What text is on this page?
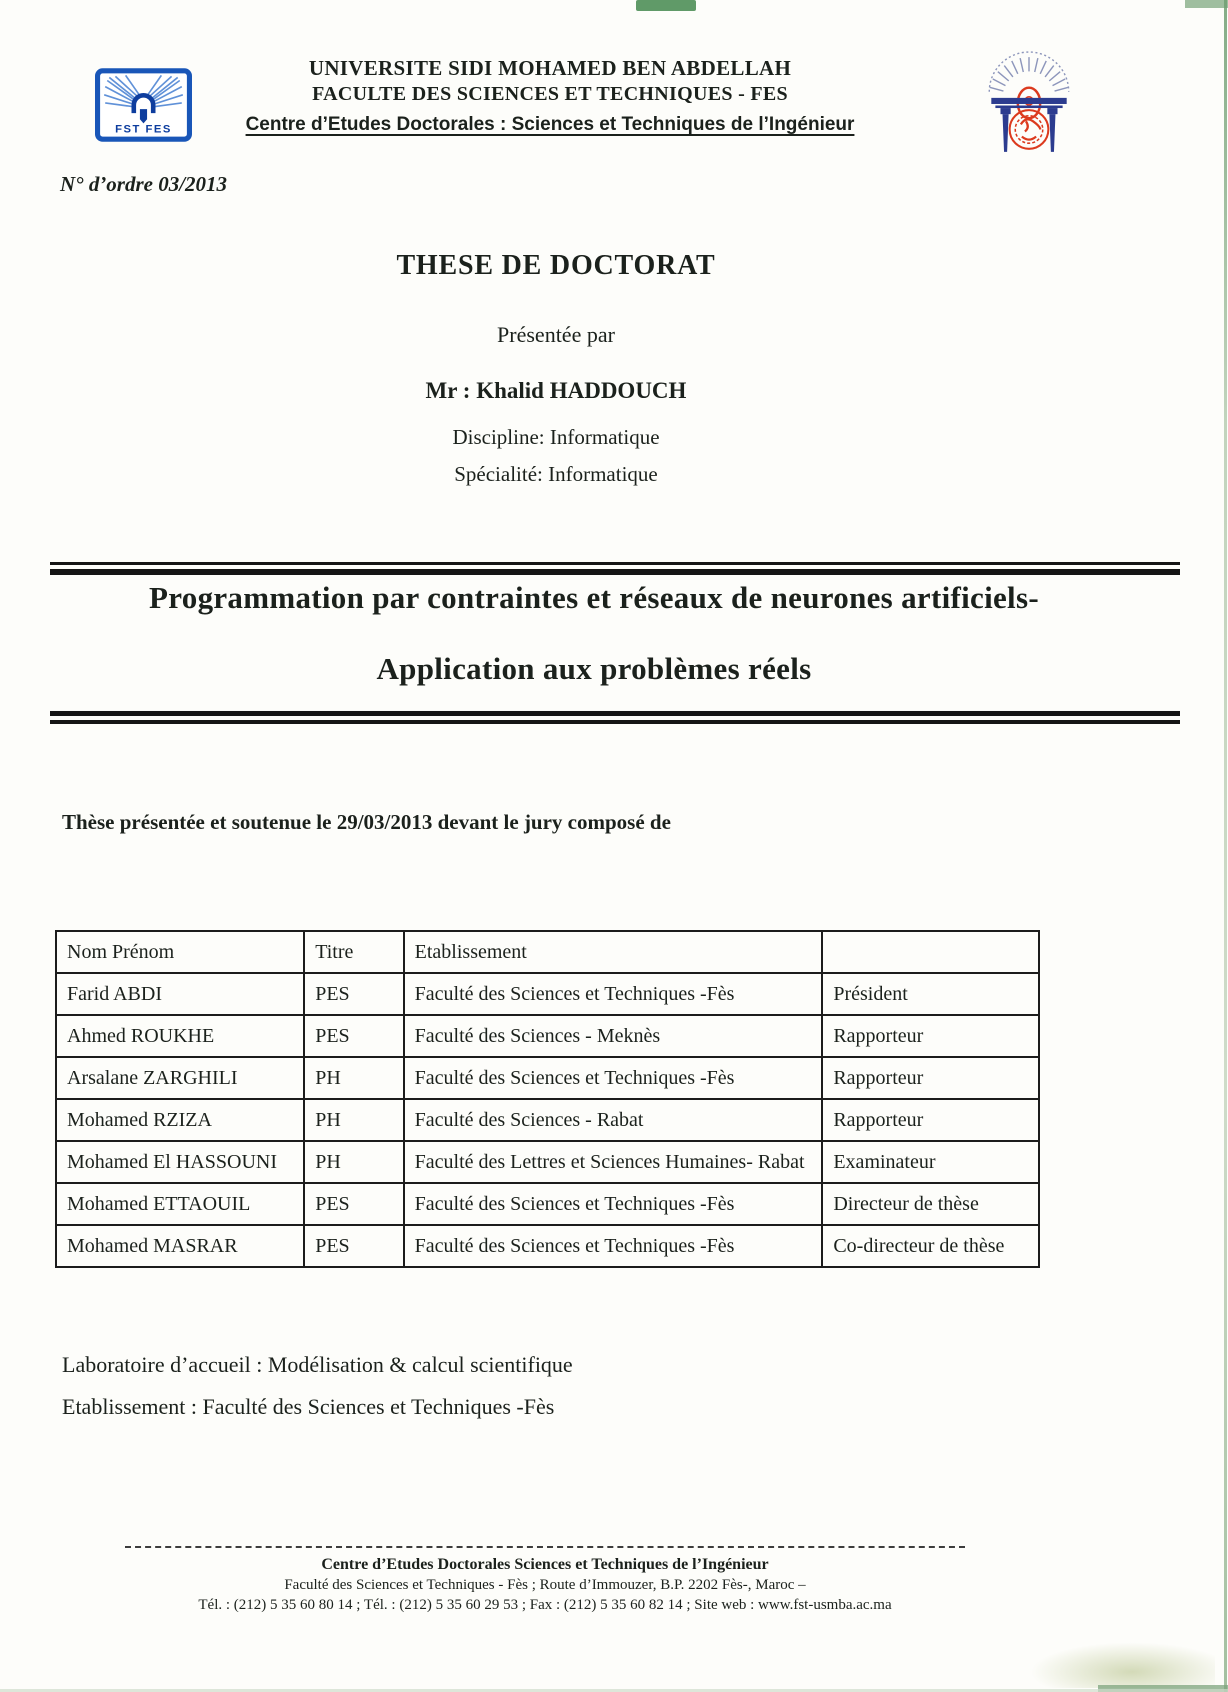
FST FES
UNIVERSITE SIDI MOHAMED BEN ABDELLAH
FACULTE DES SCIENCES ET TECHNIQUES - FES
Centre d’Etudes Doctorales : Sciences et Techniques de l’Ingénieur
N° d’ordre 03/2013
THESE DE DOCTORAT
Présentée par
Mr : Khalid HADDOUCH
Discipline: Informatique
Spécialité: Informatique
Programmation par contraintes et réseaux de neurones artificiels-
Application aux problèmes réels
Thèse présentée et soutenue le 29/03/2013 devant le jury composé de
Nom Prénom	Titre	Etablissement	
Farid ABDI	PES	Faculté des Sciences et Techniques -Fès	Président
Ahmed ROUKHE	PES	Faculté des Sciences - Meknès	Rapporteur
Arsalane ZARGHILI	PH	Faculté des Sciences et Techniques -Fès	Rapporteur
Mohamed RZIZA	PH	Faculté des Sciences - Rabat	Rapporteur
Mohamed El HASSOUNI	PH	Faculté des Lettres et Sciences Humaines- Rabat	Examinateur
Mohamed ETTAOUIL	PES	Faculté des Sciences et Techniques -Fès	Directeur de thèse
Mohamed MASRAR	PES	Faculté des Sciences et Techniques -Fès	Co-directeur de thèse
Laboratoire d’accueil : Modélisation & calcul scientifique
Etablissement : Faculté des Sciences et Techniques -Fès
Centre d’Etudes Doctorales Sciences et Techniques de l’Ingénieur
Faculté des Sciences et Techniques - Fès ; Route d’Immouzer, B.P. 2202 Fès-, Maroc –
Tél. : (212) 5 35 60 80 14 ; Tél. : (212) 5 35 60 29 53 ; Fax : (212) 5 35 60 82 14 ; Site web : www.fst-usmba.ac.ma
